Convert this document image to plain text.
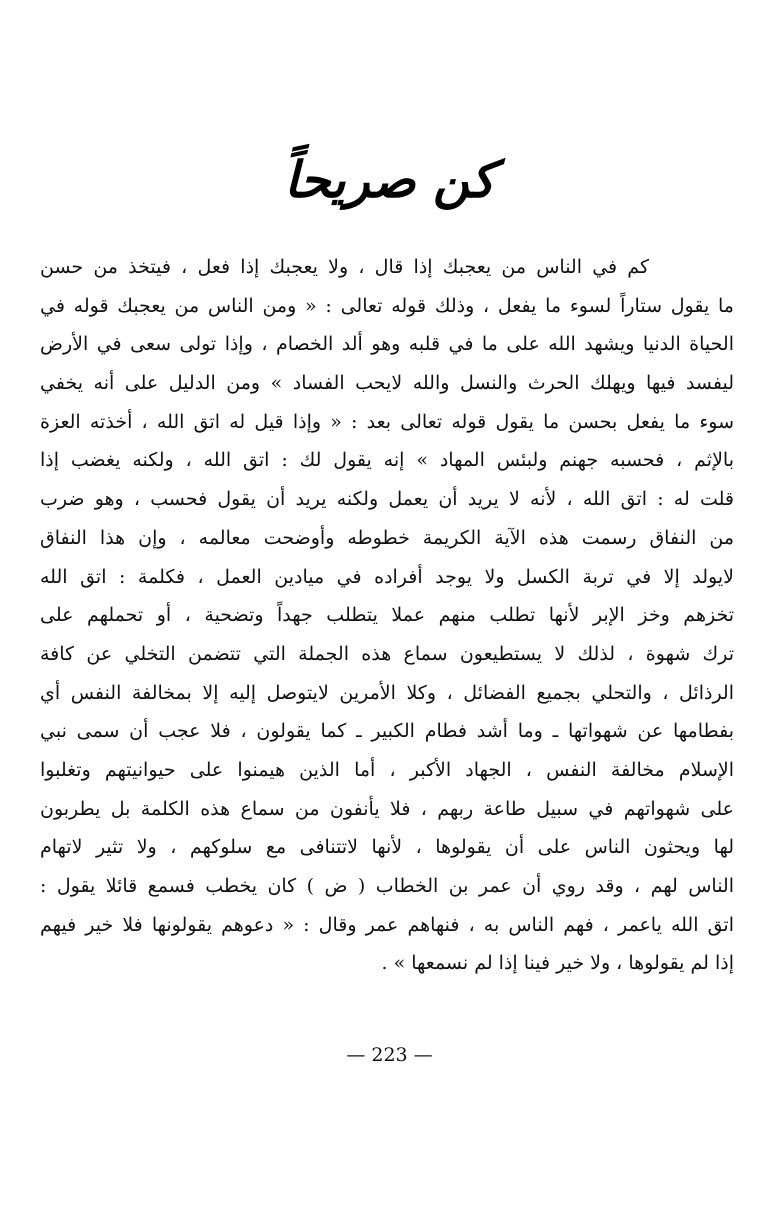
كن صريحاً
كم في الناس من يعجبك إذا قال ، ولا يعجبك إذا فعل ، فيتخذ من حسن
ما يقول ستاراً لسوء ما يفعل ، وذلك قوله تعالى : « ومن الناس من يعجبك قوله في
الحياة الدنيا ويشهد الله على ما في قلبه وهو ألد الخصام ، وإذا تولى سعى في الأرض
ليفسد فيها ويهلك الحرث والنسل والله لايحب الفساد » ومن الدليل على أنه يخفي
سوء ما يفعل بحسن ما يقول قوله تعالى بعد : « وإذا قيل له اتق الله ، أخذته العزة
بالإثم ، فحسبه جهنم ولبئس المهاد » إنه يقول لك : اتق الله ، ولكنه يغضب إذا
قلت له : اتق الله ، لأنه لا يريد أن يعمل ولكنه يريد أن يقول فحسب ، وهو ضرب
من النفاق رسمت هذه الآية الكريمة خطوطه وأوضحت معالمه ، وإن هذا النفاق
لايولد إلا في تربة الكسل ولا يوجد أفراده في ميادين العمل ، فكلمة : اتق الله
تخزهم وخز الإبر لأنها تطلب منهم عملا يتطلب جهداً وتضحية ، أو تحملهم على
ترك شهوة ، لذلك لا يستطيعون سماع هذه الجملة التي تتضمن التخلي عن كافة
الرذائل ، والتحلي بجميع الفضائل ، وكلا الأمرين لايتوصل إليه إلا بمخالفة النفس أي
بفطامها عن شهواتها ـ وما أشد فطام الكبير ـ كما يقولون ، فلا عجب أن سمى نبي
الإسلام مخالفة النفس ، الجهاد الأكبر ، أما الذين هيمنوا على حيوانيتهم وتغلبوا
على شهواتهم في سبيل طاعة ربهم ، فلا يأنفون من سماع هذه الكلمة بل يطربون
لها ويحثون الناس على أن يقولوها ، لأنها لاتتنافى مع سلوكهم ، ولا تثير لاتهام
الناس لهم ، وقد روي أن عمر بن الخطاب ( ض ) كان يخطب فسمع قائلا يقول :
اتق الله ياعمر ، فهم الناس به ، فنهاهم عمر وقال : « دعوهم يقولونها فلا خير فيهم
إذا لم يقولوها ، ولا خير فينا إذا لم نسمعها » .
— 223 —
